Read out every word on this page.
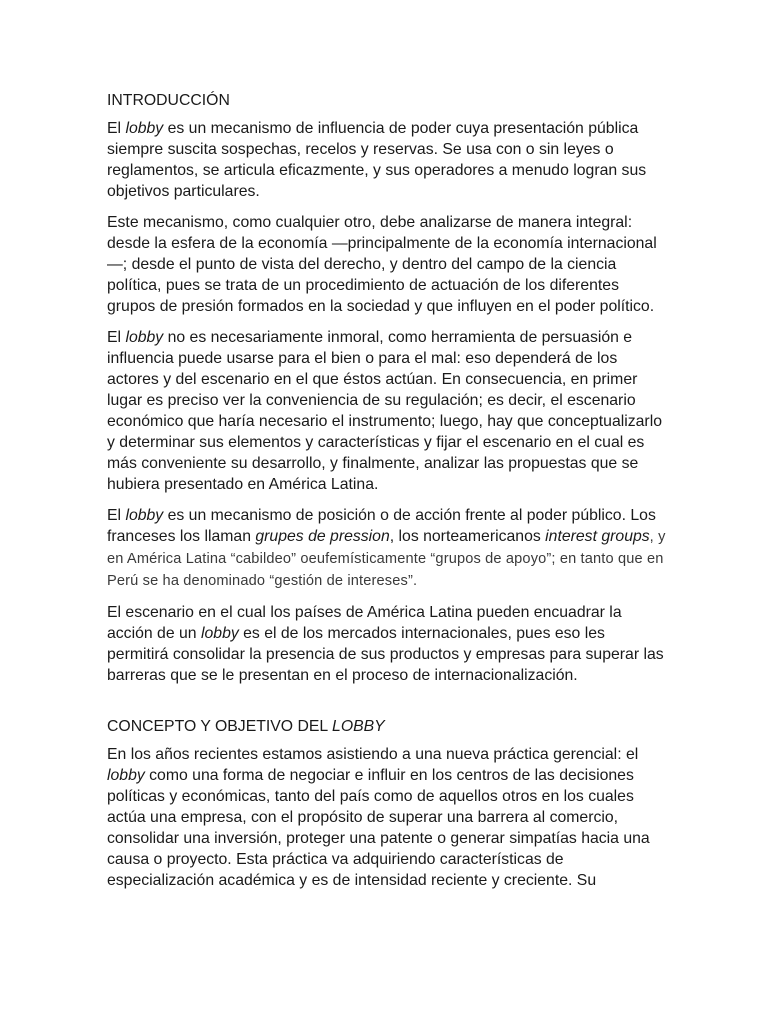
INTRODUCCIÓN

El lobby es un mecanismo de influencia de poder cuya presentación pública siempre suscita sospechas, recelos y reservas. Se usa con o sin leyes o reglamentos, se articula eficazmente, y sus operadores a menudo logran sus objetivos particulares.

Este mecanismo, como cualquier otro, debe analizarse de manera integral: desde la esfera de la economía —principalmente de la economía internacional—; desde el punto de vista del derecho, y dentro del campo de la ciencia política, pues se trata de un procedimiento de actuación de los diferentes grupos de presión formados en la sociedad y que influyen en el poder político.

El lobby no es necesariamente inmoral, como herramienta de persuasión e influencia puede usarse para el bien o para el mal: eso dependerá de los actores y del escenario en el que éstos actúan. En consecuencia, en primer lugar es preciso ver la conveniencia de su regulación; es decir, el escenario económico que haría necesario el instrumento; luego, hay que conceptualizarlo y determinar sus elementos y características y fijar el escenario en el cual es más conveniente su desarrollo, y finalmente, analizar las propuestas que se hubiera presentado en América Latina.

El lobby es un mecanismo de posición o de acción frente al poder público. Los franceses los llaman grupes de pression, los norteamericanos interest groups, y en América Latina “cabildeo” oeufemísticamente “grupos de apoyo”; en tanto que en Perú se ha denominado “gestión de intereses”.

El escenario en el cual los países de América Latina pueden encuadrar la acción de un lobby es el de los mercados internacionales, pues eso les permitirá consolidar la presencia de sus productos y empresas para superar las barreras que se le presentan en el proceso de internacionalización.

CONCEPTO Y OBJETIVO DEL LOBBY

En los años recientes estamos asistiendo a una nueva práctica gerencial: el lobby como una forma de negociar e influir en los centros de las decisiones políticas y económicas, tanto del país como de aquellos otros en los cuales actúa una empresa, con el propósito de superar una barrera al comercio, consolidar una inversión, proteger una patente o generar simpatías hacia una causa o proyecto. Esta práctica va adquiriendo características de especialización académica y es de intensidad reciente y creciente. Su
